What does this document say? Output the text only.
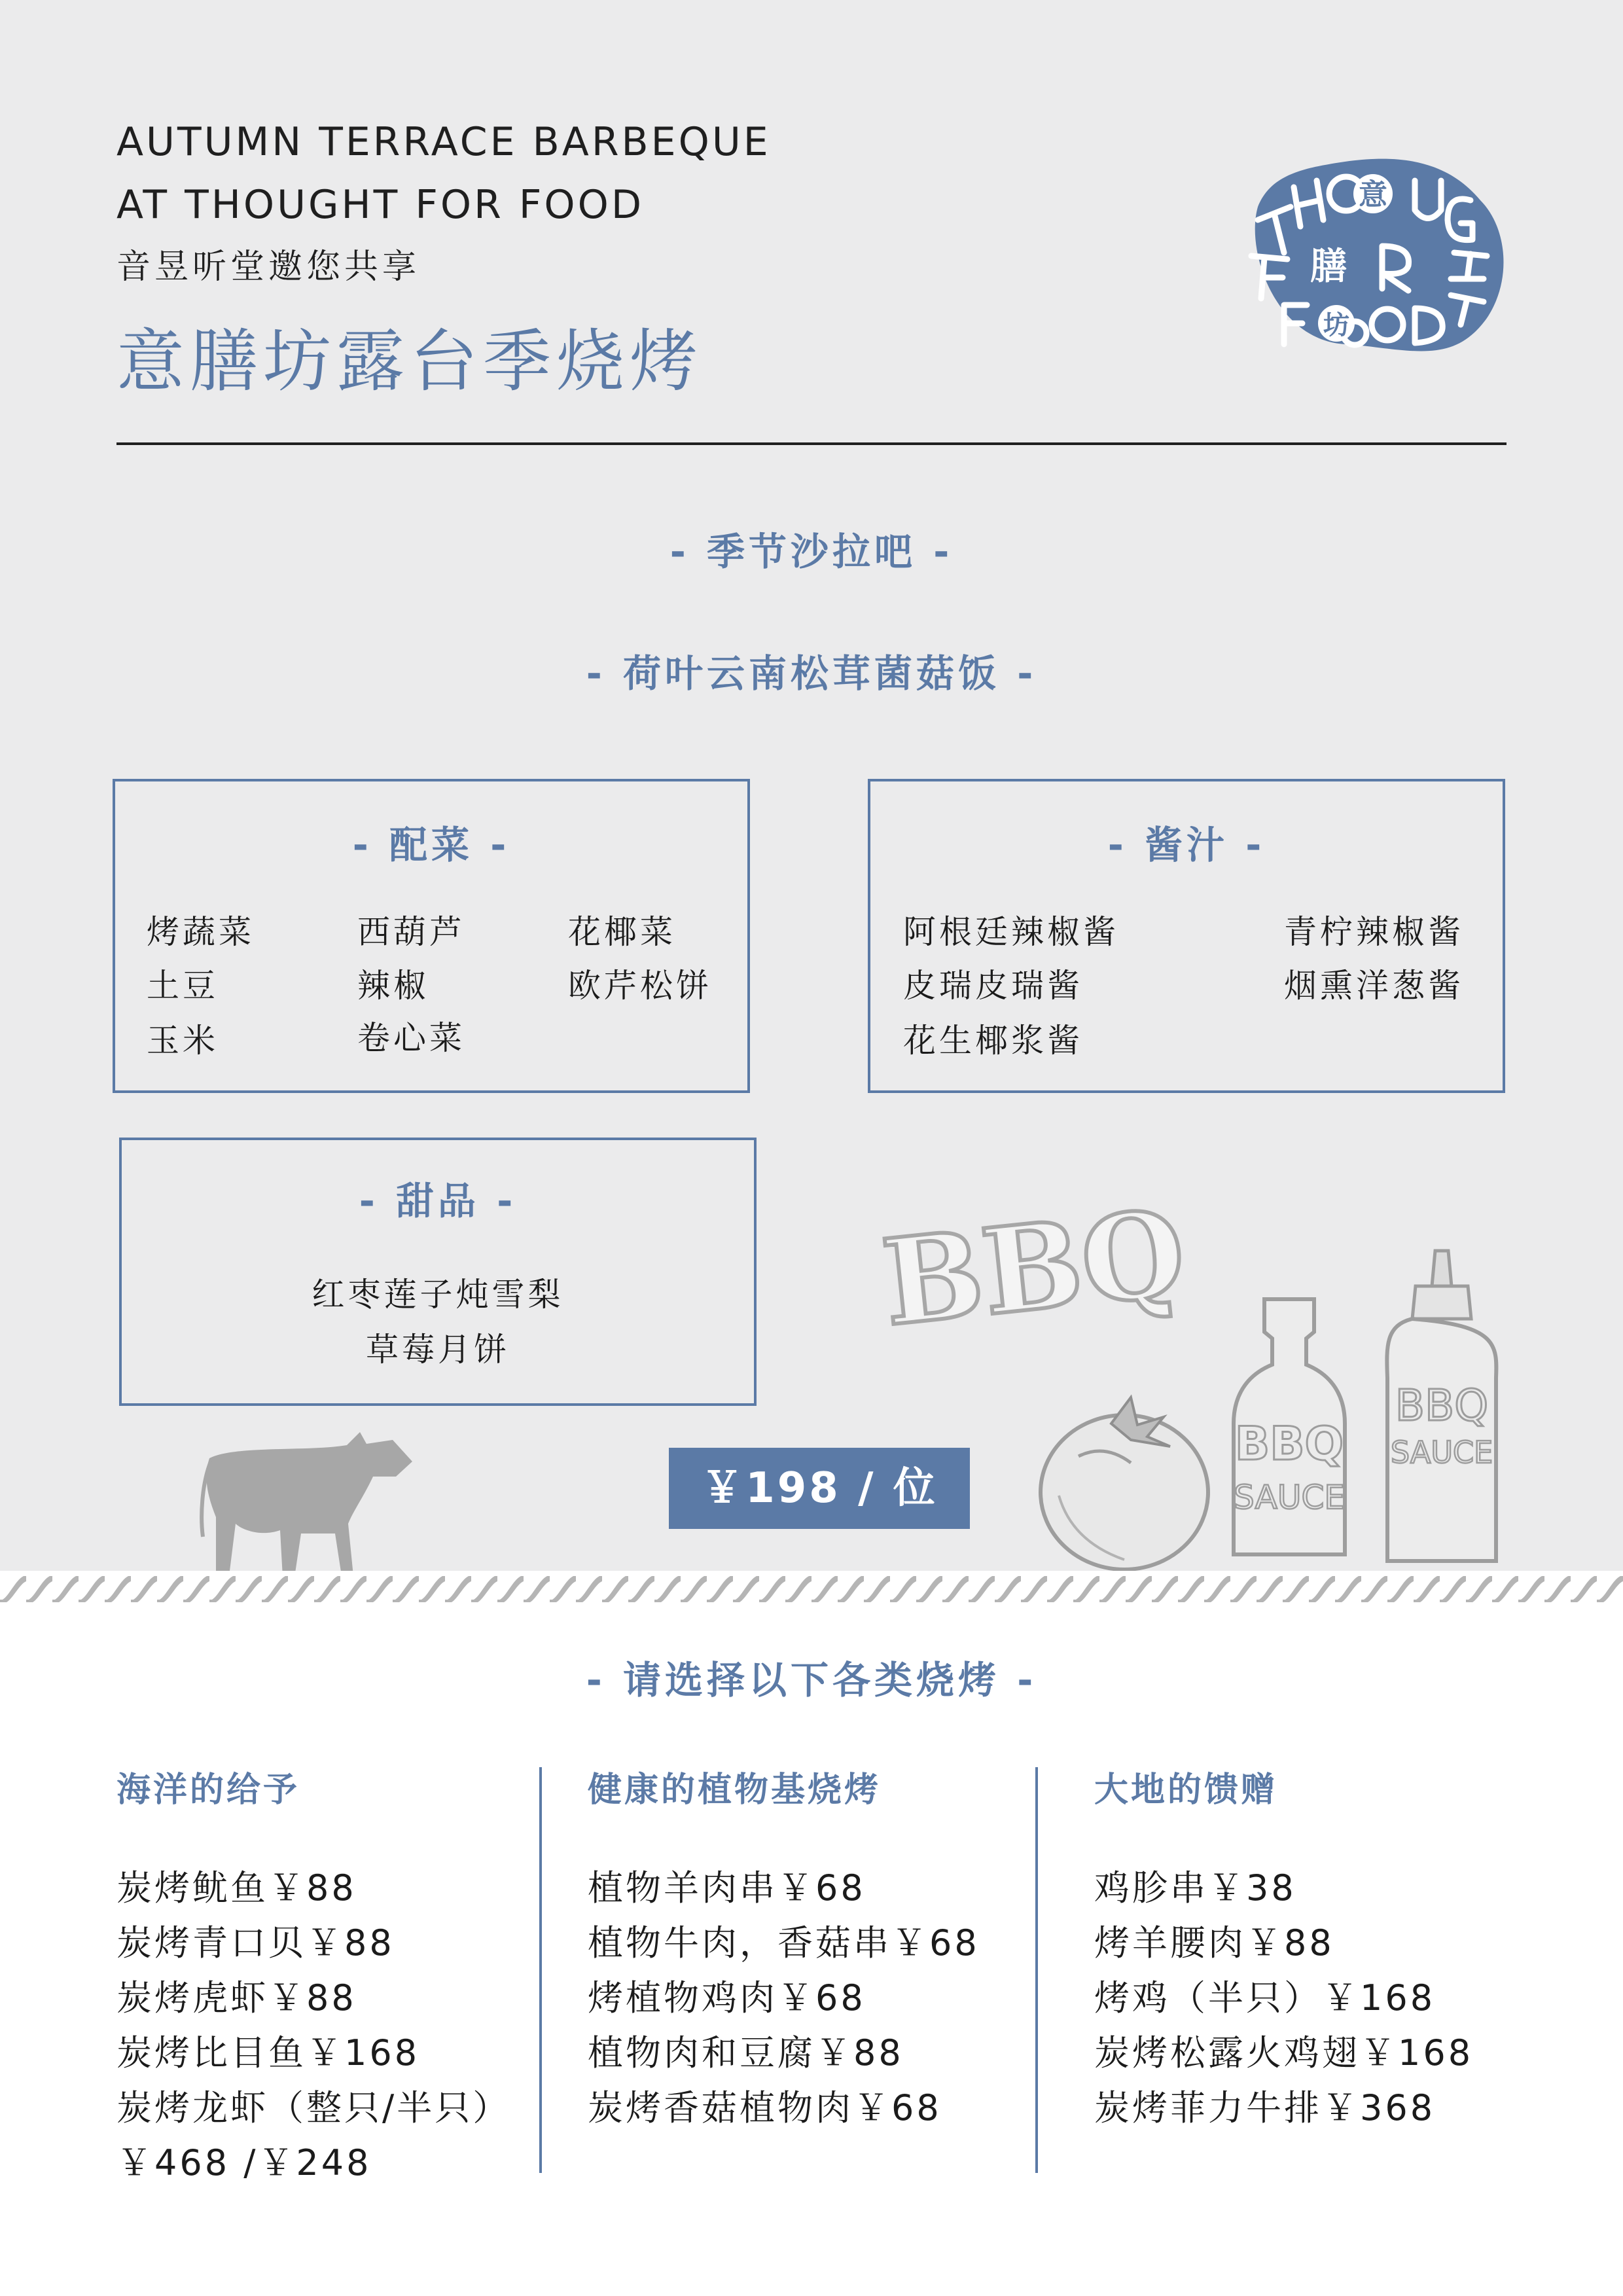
AUTUMN TERRACE BARBEQUE
AT THOUGHT FOR FOOD
音昱听堂邀您共享
意膳坊露台季烧烤
意
膳
坊
- 季节沙拉吧 -
- 荷叶云南松茸菌菇饭 -
- 配菜 -
烤蔬菜
土豆
玉米
西葫芦
辣椒
卷心菜
花椰菜
欧芹松饼
- 酱汁 -
阿根廷辣椒酱
皮瑞皮瑞酱
花生椰浆酱
青柠辣椒酱
烟熏洋葱酱
- 甜品 -
红枣莲子炖雪梨
草莓月饼	BBQ
BBQ
SAUCE
BBQ
SAUCE
￥198 / 位
- 请选择以下各类烧烤 -
海洋的给予
炭烤鱿鱼￥88
炭烤青口贝￥88
炭烤虎虾￥88
炭烤比目鱼￥168
炭烤龙虾（整只/半只）
￥468 /￥248
健康的植物基烧烤
植物羊肉串￥68
植物牛肉，香菇串￥68
烤植物鸡肉￥68
植物肉和豆腐￥88
炭烤香菇植物肉￥68
大地的馈赠
鸡胗串￥38
烤羊腰肉￥88
烤鸡（半只）￥168
炭烤松露火鸡翅￥168
炭烤菲力牛排￥368
